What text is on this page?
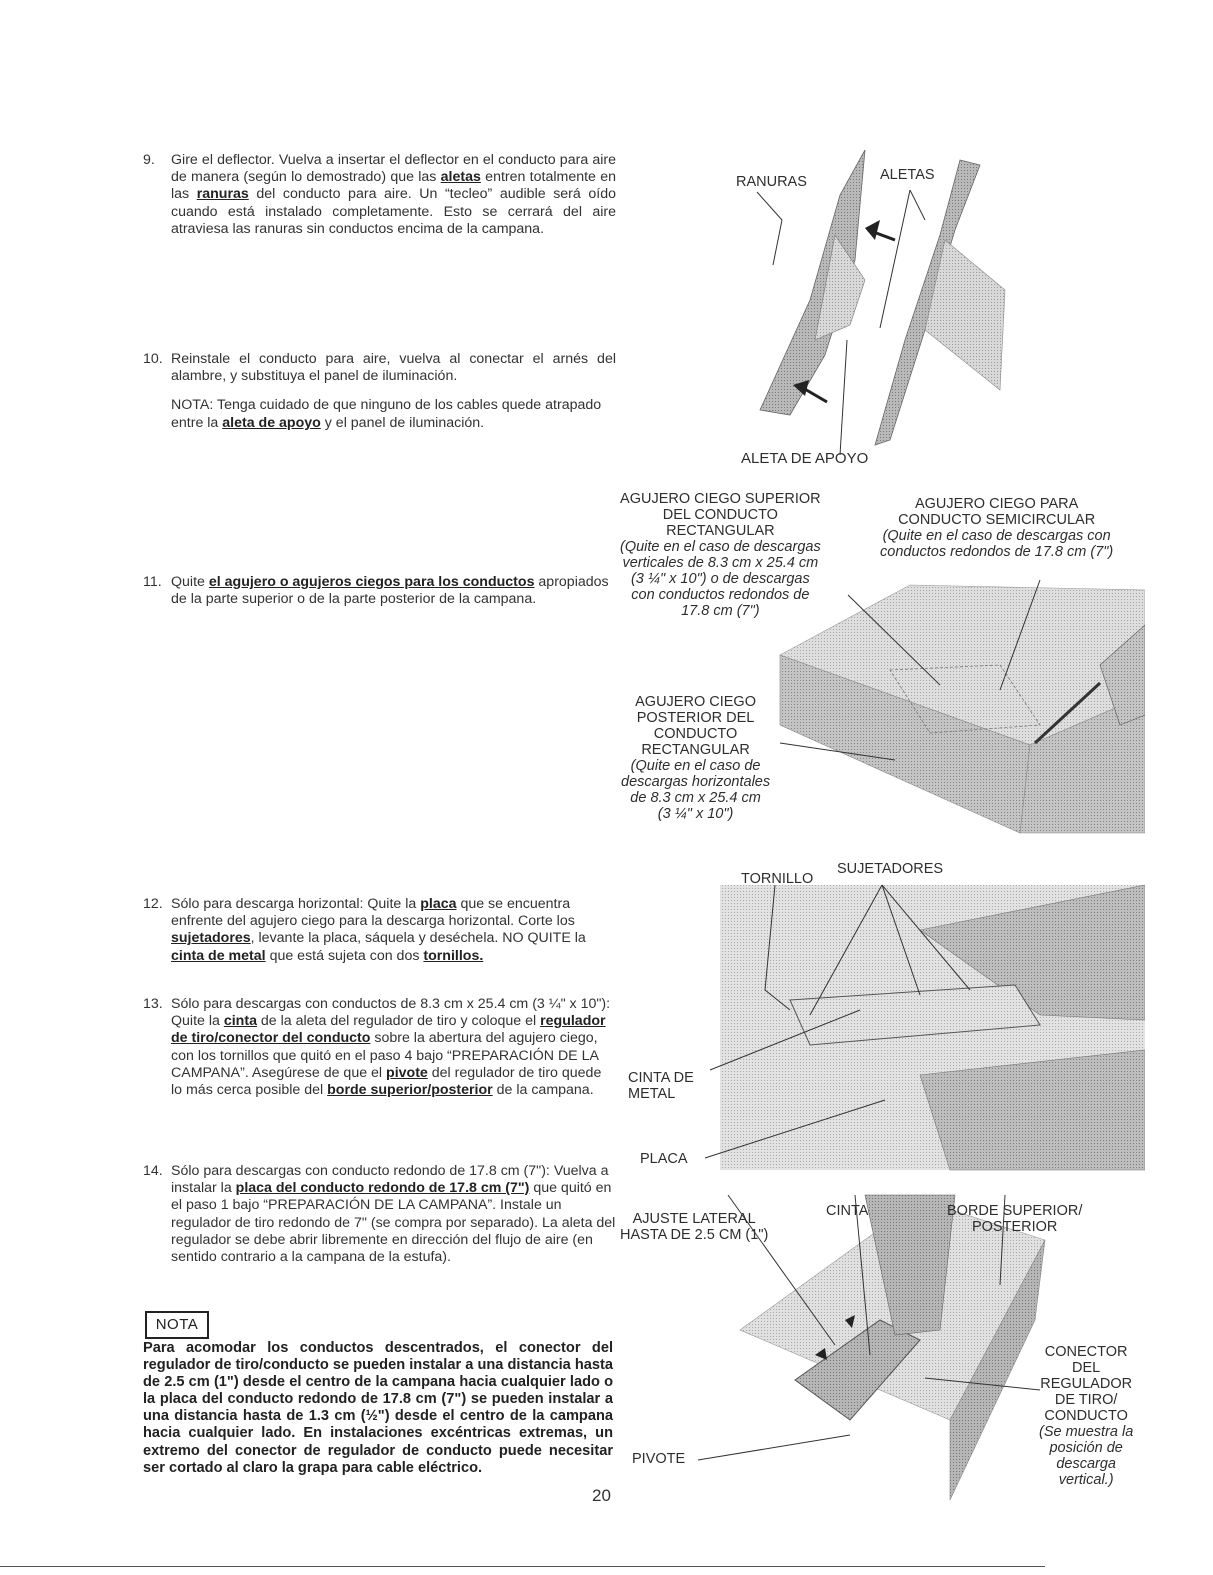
9. Gire el deflector. Vuelva a insertar el deflector en el conducto para aire de manera (según lo demostrado) que las aletas entren totalmente en las ranuras del conducto para aire. Un “tecleo” audible será oído cuando está instalado completamente. Esto se cerrará del aire atraviesa las ranuras sin conductos encima de la campana.
10. Reinstale el conducto para aire, vuelva al conectar el arnés del alambre, y substituya el panel de iluminación.

NOTA: Tenga cuidado de que ninguno de los cables quede atrapado entre la aleta de apoyo y el panel de iluminación.

11. Quite el agujero o agujeros ciegos para los conductos apropiados de la parte superior o de la parte posterior de la campana.
12. Sólo para descarga horizontal: Quite la placa que se encuentra enfrente del agujero ciego para la descarga horizontal. Corte los sujetadores, levante la placa, sáquela y deséchela. NO QUITE la cinta de metal que está sujeta con dos tornillos.
13. Sólo para descargas con conductos de 8.3 cm x 25.4 cm (3 ¼" x 10"): Quite la cinta de la aleta del regulador de tiro y coloque el regulador de tiro/conector del conducto sobre la abertura del agujero ciego, con los tornillos que quitó en el paso 4 bajo “PREPARACIÓN DE LA CAMPANA”. Asegúrese de que el pivote del regulador de tiro quede lo más cerca posible del borde superior/posterior de la campana.
14. Sólo para descargas con conducto redondo de 17.8 cm (7"): Vuelva a instalar la placa del conducto redondo de 17.8 cm (7") que quitó en el paso 1 bajo “PREPARACIÓN DE LA CAMPANA”. Instale un regulador de tiro redondo de 7" (se compra por separado). La aleta del regulador se debe abrir libremente en dirección del flujo de aire (en sentido contrario a la campana de la estufa).
NOTA
Para acomodar los conductos descentrados, el conector del regulador de tiro/conducto se pueden instalar a una distancia hasta de 2.5 cm (1") desde el centro de la campana hacia cualquier lado o la placa del conducto redondo de 17.8 cm (7") se pueden instalar a una distancia hasta de 1.3 cm (½") desde el centro de la campana hacia cualquier lado. En instalaciones excéntricas extremas, un extremo del conector de regulador de conducto puede necesitar ser cortado al claro la grapa para cable eléctrico.
20
RANURAS	ALETAS
ALETA DE APOYO
AGUJERO CIEGO SUPERIOR
DEL CONDUCTO
RECTANGULAR
(Quite en el caso de descargas
verticales de 8.3 cm x 25.4 cm
(3 ¼" x 10") o de descargas
con conductos redondos de
17.8 cm (7")
AGUJERO CIEGO PARA
CONDUCTO SEMICIRCULAR
(Quite en el caso de descargas con
conductos redondos de 17.8 cm (7")
AGUJERO CIEGO
POSTERIOR DEL
CONDUCTO
RECTANGULAR
(Quite en el caso de
descargas horizontales
de 8.3 cm x 25.4 cm
(3 ¼" x 10")
TORNILLO
SUJETADORES
CINTA DE
METAL
PLACA
AJUSTE LATERAL
HASTA DE 2.5 CM (1")
CINTA	BORDE SUPERIOR/
POSTERIOR
CONECTOR
DEL
REGULADOR
DE TIRO/
CONDUCTO
(Se muestra la
posición de
descarga
vertical.)
PIVOTE
